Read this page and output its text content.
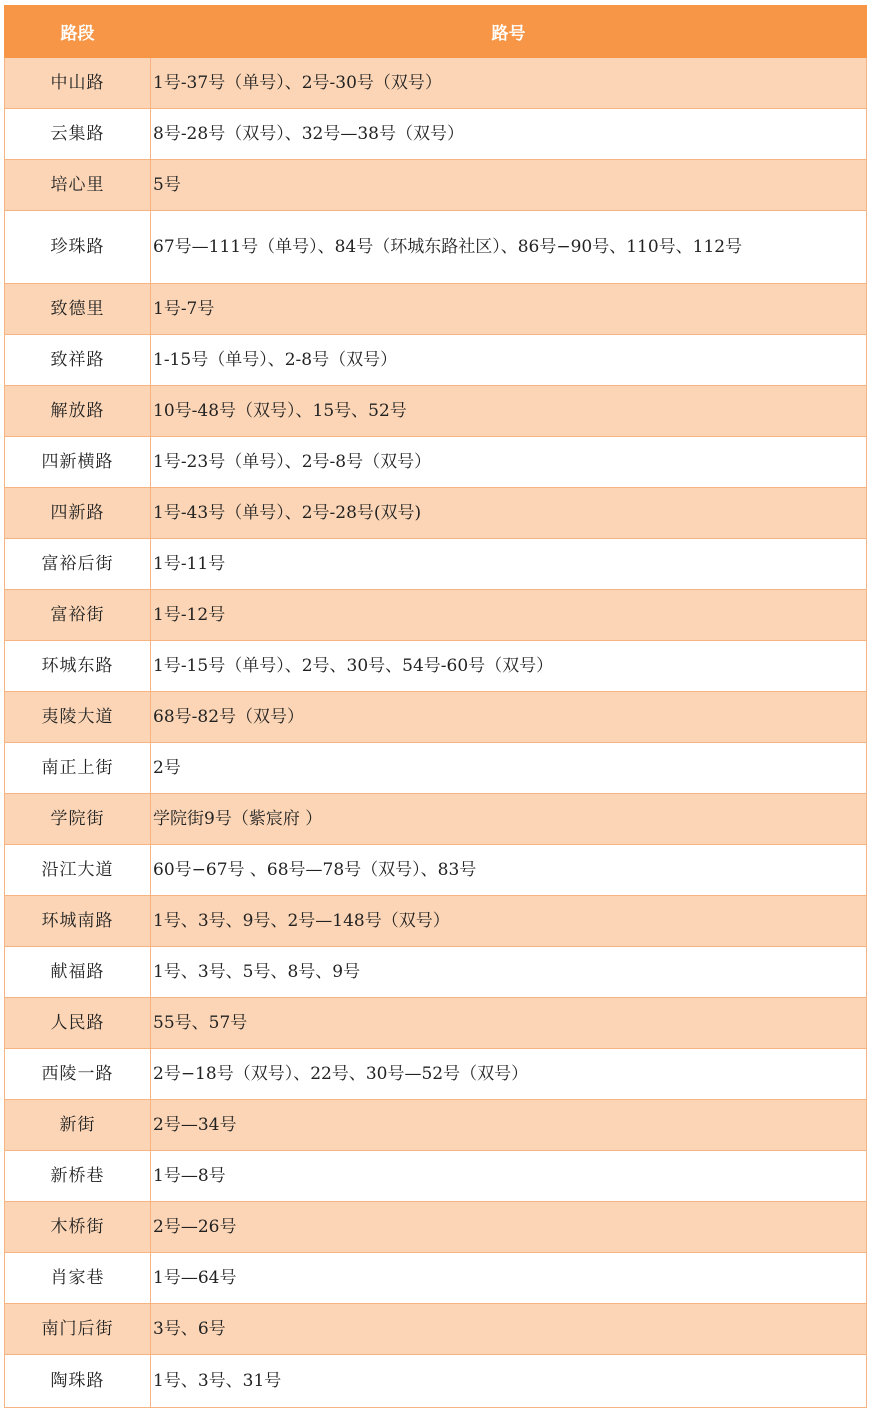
路段	路号
中山路	1号-37号（单号）、2号-30号（双号）
云集路	8号-28号（双号）、32号—38号（双号）
培心里	5号
珍珠路	67号—111号（单号）、84号（环城东路社区）、86号−90号、110号、112号
致德里	1号-7号
致祥路	1-15号（单号）、2-8号（双号）
解放路	10号-48号（双号）、15号、52号
四新横路	1号-23号（单号）、2号-8号（双号）
四新路	1号-43号（单号）、2号-28号(双号)
富裕后街	1号-11号
富裕街	1号-12号
环城东路	1号-15号（单号）、2号、30号、54号-60号（双号）
夷陵大道	68号-82号（双号）
南正上街	2号
学院街	学院街9号（紫宸府 ）
沿江大道	60号−67号 、68号—78号（双号）、83号
环城南路	1号、3号、9号、2号—148号（双号）
献福路	1号、3号、5号、8号、9号
人民路	55号、57号
西陵一路	2号−18号（双号）、22号、30号—52号（双号）
新街	2号—34号
新桥巷	1号—8号
木桥街	2号—26号
肖家巷	1号—64号
南门后街	3号、6号
陶珠路	1号、3号、31号
